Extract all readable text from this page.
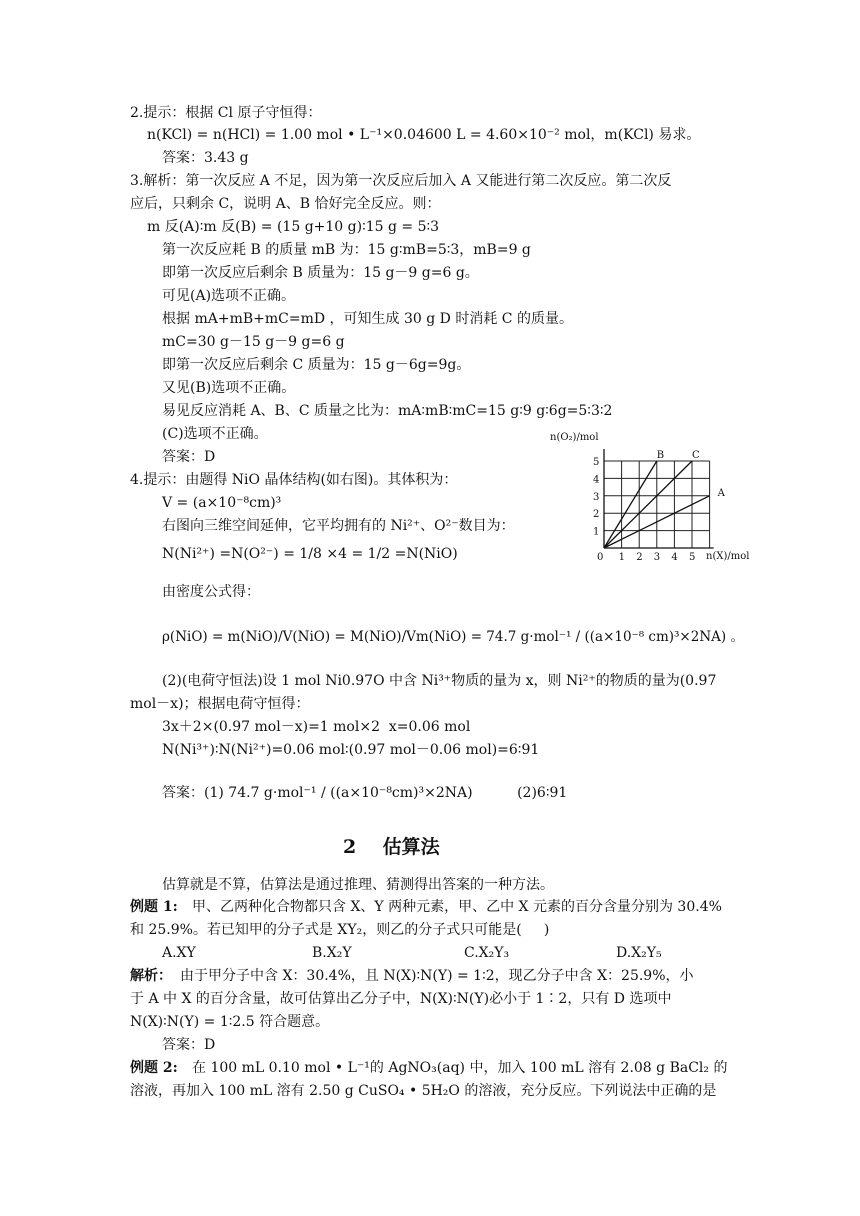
2.提示：根据 Cl 原子守恒得：
n(KCl) = n(HCl) = 1.00 mol • L⁻¹×0.04600 L = 4.60×10⁻² mol，m(KCl) 易求。
答案：3.43 g
3.解析：第一次反应 A 不足，因为第一次反应后加入 A 又能进行第二次反应。第二次反
应后，只剩余 C，说明 A、B 恰好完全反应。则：
m 反(A)∶m 反(B) = (15 g+10 g)∶15 g = 5∶3
第一次反应耗 B 的质量 mB 为：15 g∶mB=5∶3，mB=9 g
即第一次反应后剩余 B 质量为：15 g－9 g=6 g。
可见(A)选项不正确。
根据 mA+mB+mC=mD ，可知生成 30 g D 时消耗 C 的质量。
mC=30 g－15 g－9 g=6 g
即第一次反应后剩余 C 质量为：15 g－6g=9g。
又见(B)选项不正确。
易见反应消耗 A、B、C 质量之比为：mA∶mB∶mC=15 g∶9 g∶6g=5∶3∶2
(C)选项不正确。
答案：D
4.提示：由题得 NiO 晶体结构(如右图)。其体积为：
V = (a×10⁻⁸cm)³
右图向三维空间延伸，它平均拥有的 Ni²⁺、O²⁻数目为：
N(Ni²⁺) =N(O²⁻) = 1/8 ×4 = 1/2 =N(NiO)
由密度公式得：
ρ(NiO) = m(NiO)/V(NiO) = M(NiO)/Vm(NiO) = 74.7 g·mol⁻¹ / ((a×10⁻⁸ cm)³×2NA) 。
(2)(电荷守恒法)设 1 mol Ni0.97O 中含 Ni³⁺物质的量为 x，则 Ni²⁺的物质的量为(0.97
mol－x)；根据电荷守恒得：
3x＋2×(0.97 mol－x)=1 mol×2  x=0.06 mol
N(Ni³⁺)∶N(Ni²⁺)=0.06 mol∶(0.97 mol－0.06 mol)=6∶91
答案：(1) 74.7 g·mol⁻¹ / ((a×10⁻⁸cm)³×2NA)          (2)6∶91
2    估算法
估算就是不算，估算法是通过推理、猜测得出答案的一种方法。
例题 1: 甲、乙两种化合物都只含 X、Y 两种元素，甲、乙中 X 元素的百分含量分别为 30.4%
和 25.9%。若已知甲的分子式是 XY₂，则乙的分子式只可能是(     )
A.XY	B.X₂Y	C.X₂Y₃	D.X₂Y₅
解析： 由于甲分子中含 X：30.4%，且 N(X)∶N(Y) = 1∶2，现乙分子中含 X：25.9%，小
于 A 中 X 的百分含量，故可估算出乙分子中，N(X)∶N(Y)必小于 1∶2，只有 D 选项中
N(X)∶N(Y) = 1∶2.5 符合题意。
答案：D
例题 2: 在 100 mL 0.10 mol • L⁻¹的 AgNO₃(aq) 中，加入 100 mL 溶有 2.08 g BaCl₂ 的
溶液，再加入 100 mL 溶有 2.50 g CuSO₄ • 5H₂O 的溶液，充分反应。下列说法中正确的是
B	C
A
0 1 2 3 4 5
1
2
3
4
5
n(O₂)/mol
n(X)/mol
